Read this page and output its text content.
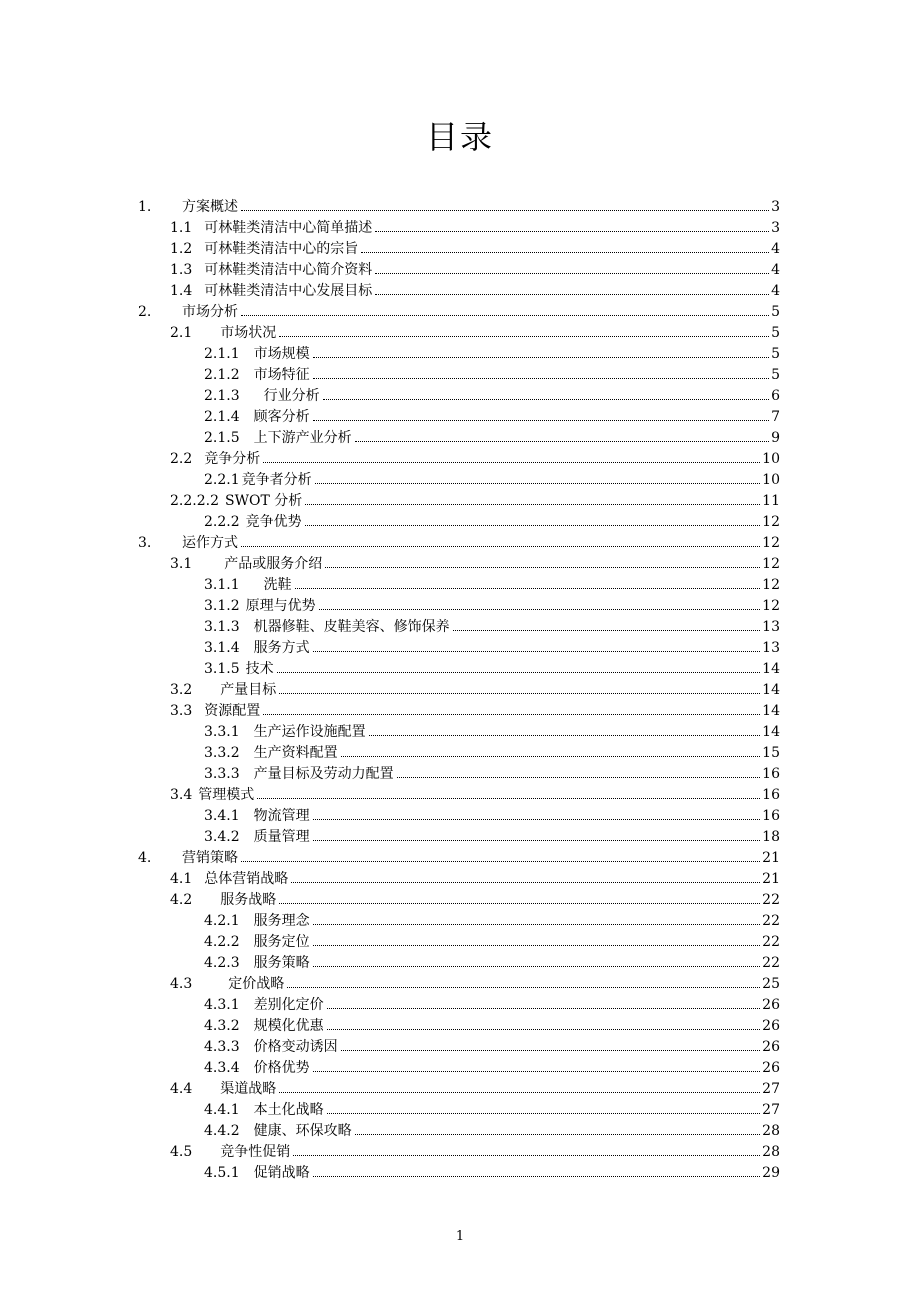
目录
1.	方案概述	3
1.1 可林鞋类清洁中心简单描述	3
1.2 可林鞋类清洁中心的宗旨	4
1.3 可林鞋类清洁中心简介资料	4
1.4 可林鞋类清洁中心发展目标	4
2.	市场分析	5
2.1 市场状况	5
2.1.1 市场规模	5
2.1.2 市场特征	5
2.1.3 行业分析	6
2.1.4 顾客分析	7
2.1.5 上下游产业分析	9
2.2 竞争分析	10
2.2.1 竞争者分析	10
2.2.2.2 SWOT 分析	11
2.2.2 竞争优势	12
3.	运作方式	12
3.1 产品或服务介绍	12
3.1.1 洗鞋	12
3.1.2 原理与优势	12
3.1.3 机器修鞋、皮鞋美容、修饰保养	13
3.1.4 服务方式	13
3.1.5 技术	14
3.2 产量目标	14
3.3 资源配置	14
3.3.1 生产运作设施配置	14
3.3.2 生产资料配置	15
3.3.3 产量目标及劳动力配置	16
3.4 管理模式	16
3.4.1 物流管理	16
3.4.2 质量管理	18
4.	营销策略	21
4.1 总体营销战略	21
4.2 服务战略	22
4.2.1 服务理念	22
4.2.2 服务定位	22
4.2.3 服务策略	22
4.3	定价战略	25
4.3.1 差别化定价	26
4.3.2 规模化优惠	26
4.3.3 价格变动诱因	26
4.3.4 价格优势	26
4.4 渠道战略	27
4.4.1 本土化战略	27
4.4.2 健康、环保攻略	28
4.5 竞争性促销	28
4.5.1 促销战略	29
1
